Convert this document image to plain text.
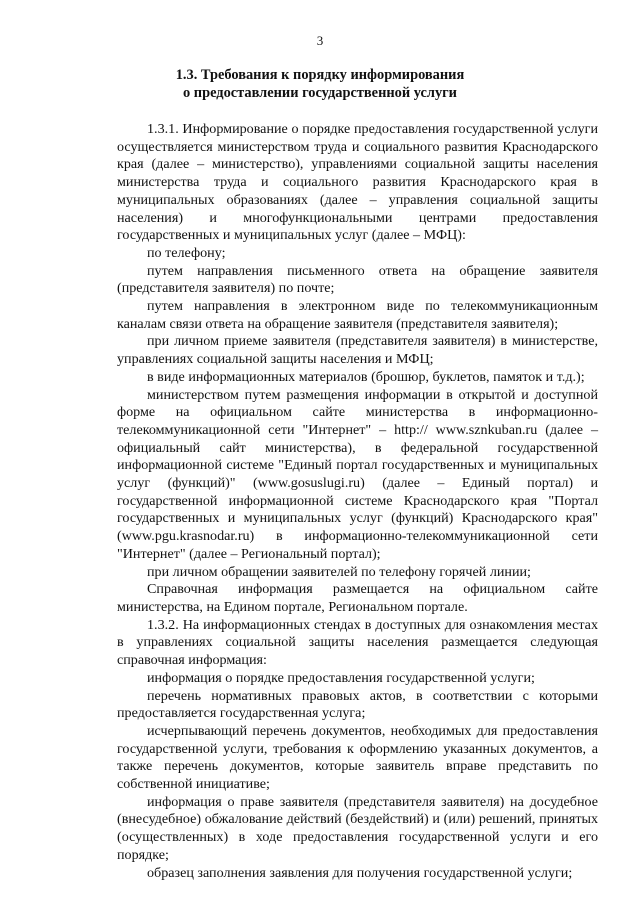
3
1.3. Требования к порядку информирования
о предоставлении государственной услуги

1.3.1. Информирование о порядке предоставления государственной услуги осуществляется министерством труда и социального развития Краснодарского края (далее – министерство), управлениями социальной защиты населения министерства труда и социального развития Краснодарского края в муниципальных образованиях (далее – управления социальной защиты населения) и многофункциональными центрами предоставления государственных и муниципальных услуг (далее – МФЦ):

по телефону;

путем направления письменного ответа на обращение заявителя (представителя заявителя) по почте;

путем направления в электронном виде по телекоммуникационным каналам связи ответа на обращение заявителя (представителя заявителя);

при личном приеме заявителя (представителя заявителя) в министерстве, управлениях социальной защиты населения и МФЦ;

в виде информационных материалов (брошюр, буклетов, памяток и т.д.);

министерством путем размещения информации в открытой и доступной форме на официальном сайте министерства в информационно-телекоммуникационной сети "Интернет" – http:// www.sznkuban.ru (далее – официальный сайт министерства), в федеральной государственной информационной системе "Единый портал государственных и муниципальных услуг (функций)" (www.gosuslugi.ru) (далее – Единый портал) и государственной информационной системе Краснодарского края "Портал государственных и муниципальных услуг (функций) Краснодарского края" (www.pgu.krasnodar.ru) в информационно-телекоммуникационной сети "Интернет" (далее – Региональный портал);

при личном обращении заявителей по телефону горячей линии;

Справочная информация размещается на официальном сайте министерства, на Едином портале, Региональном портале.

1.3.2. На информационных стендах в доступных для ознакомления местах в управлениях социальной защиты населения размещается следующая справочная информация:

информация о порядке предоставления государственной услуги;

перечень нормативных правовых актов, в соответствии с которыми предоставляется государственная услуга;

исчерпывающий перечень документов, необходимых для предоставления государственной услуги, требования к оформлению указанных документов, а также перечень документов, которые заявитель вправе представить по собственной инициативе;

информация о праве заявителя (представителя заявителя) на досудебное (внесудебное) обжалование действий (бездействий) и (или) решений, принятых (осуществленных) в ходе предоставления государственной услуги и его порядке;

образец заполнения заявления для получения государственной услуги;
